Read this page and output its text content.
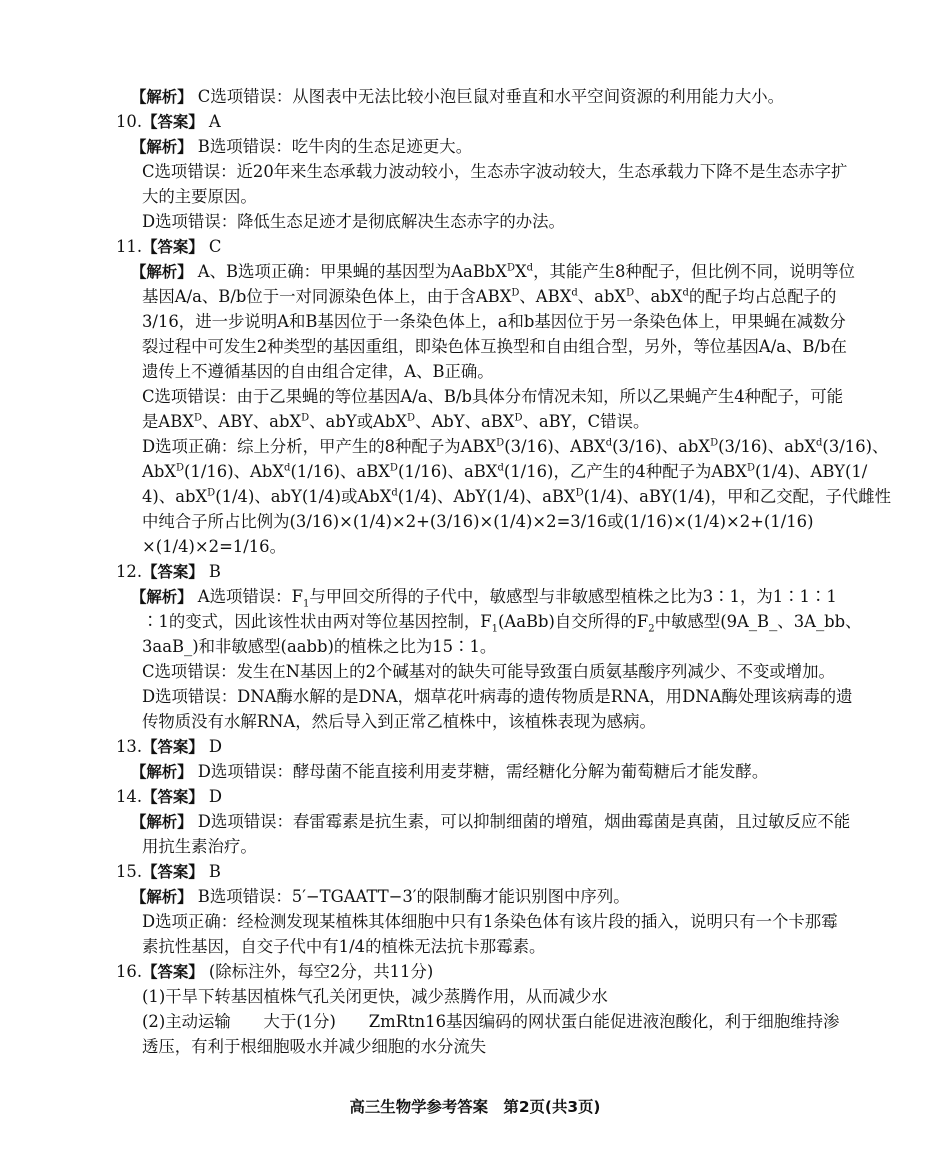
【解析】 C选项错误：从图表中无法比较小泡巨鼠对垂直和水平空间资源的利用能力大小。
10.【答案】 A
【解析】 B选项错误：吃牛肉的生态足迹更大。
C选项错误：近20年来生态承载力波动较小，生态赤字波动较大，生态承载力下降不是生态赤字扩
大的主要原因。
D选项错误：降低生态足迹才是彻底解决生态赤字的办法。
11.【答案】 C
【解析】 A、B选项正确：甲果蝇的基因型为$AaBbX^DX^d$，其能产生8种配子，但比例不同，说明等位
基因A/a、B/b位于一对同源染色体上，由于含$ABX^D$、ABX$^d$、abX$^D$、abX$^d$的配子均占总配子的
3/16，进一步说明A和B基因位于一条染色体上，a和b基因位于另一条染色体上，甲果蝇在减数分
裂过程中可发生2种类型的基因重组，即染色体互换型和自由组合型，另外，等位基因A/a、B/b在
遗传上不遵循基因的自由组合定律，A、B正确。
C选项错误：由于乙果蝇的等位基因A/a、B/b具体分布情况未知，所以乙果蝇产生4种配子，可能
是$ABX^D$、ABY、abX$^D$、abY或AbX$^D$、AbY、aBX$^D$、aBY，C错误。
D选项正确：综上分析，甲产生的8种配子为$ABX^D(3/16)$、ABX$^d$(3/16)、abX$^D$(3/16)、abX$^d$(3/16)、
AbX$^D$(1/16)、AbX$^d$(1/16)、aBX$^D$(1/16)、aBX$^d$(1/16)，乙产生的4种配子为$ABX^D(1/4)$、ABY(1/
4)、abX$^D$(1/4)、abY(1/4)或AbX$^d$(1/4)、AbY(1/4)、aBX$^D$(1/4)、aBY(1/4)，甲和乙交配，子代雌性
中纯合子所占比例为(3/16)×(1/4)×2+(3/16)×(1/4)×2=3/16或(1/16)×(1/4)×2+(1/16)
×(1/4)×2=1/16。
12.【答案】 B
【解析】 A选项错误：$F_1$与甲回交所得的子代中，敏感型与非敏感型植株之比为3∶1，为1∶1∶1
∶1的变式，因此该性状由两对等位基因控制，$F_1(AaBb)$自交所得的$F_2$中敏感型(9A_B_、3A_bb、
3aaB_)和非敏感型(aabb)的植株之比为15∶1。
C选项错误：发生在N基因上的2个碱基对的缺失可能导致蛋白质氨基酸序列减少、不变或增加。
D选项错误：DNA酶水解的是DNA，烟草花叶病毒的遗传物质是RNA，用DNA酶处理该病毒的遗
传物质没有水解RNA，然后导入到正常乙植株中，该植株表现为感病。
13.【答案】 D
【解析】 D选项错误：酵母菌不能直接利用麦芽糖，需经糖化分解为葡萄糖后才能发酵。
14.【答案】 D
【解析】 D选项错误：春雷霉素是抗生素，可以抑制细菌的增殖，烟曲霉菌是真菌，且过敏反应不能
用抗生素治疗。
15.【答案】 B
【解析】 B选项错误：5′−TGAATT−3′的限制酶才能识别图中序列。
D选项正确：经检测发现某植株其体细胞中只有1条染色体有该片段的插入，说明只有一个卡那霉
素抗性基因，自交子代中有1/4的植株无法抗卡那霉素。
16.【答案】 (除标注外，每空2分，共11分)
(1)干旱下转基因植株气孔关闭更快，减少蒸腾作用，从而减少水
(2)主动运输　　大于(1分)　　ZmRtn16基因编码的网状蛋白能促进液泡酸化，利于细胞维持渗
透压，有利于根细胞吸水并减少细胞的水分流失
高三生物学参考答案　第2页(共3页)
